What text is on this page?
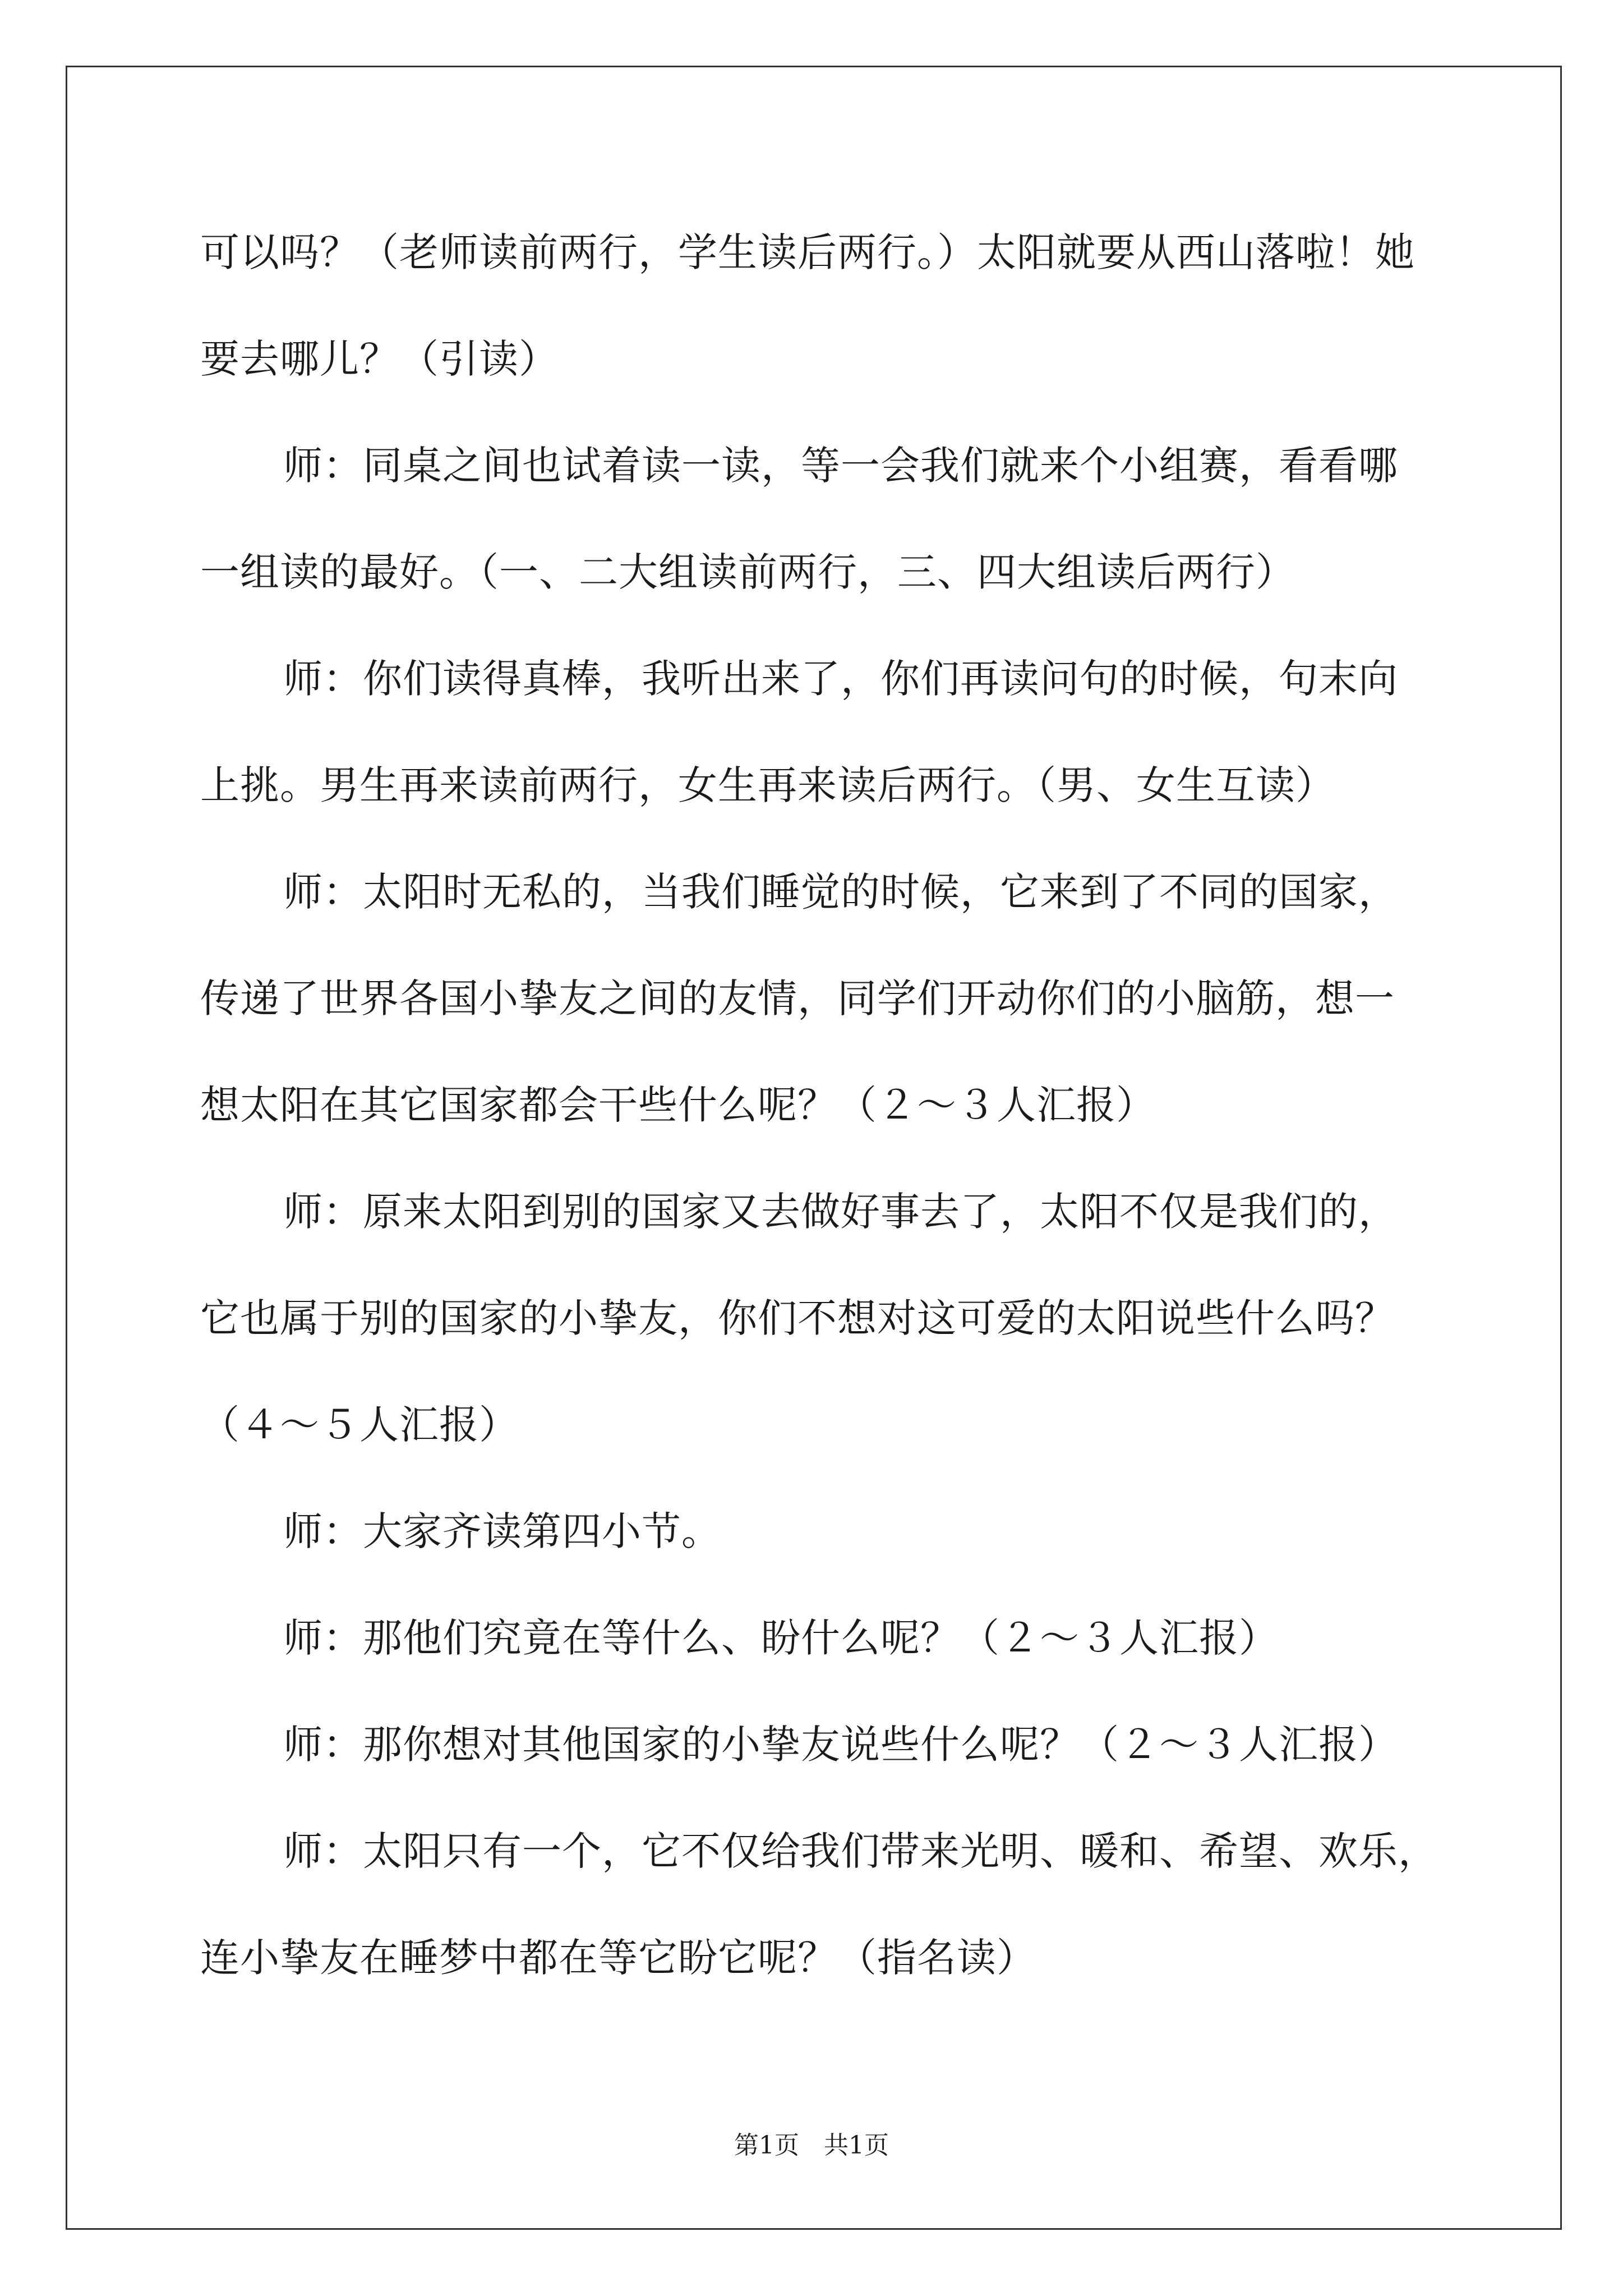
可以吗？（老师读前两行，学生读后两行。）太阳就要从西山落啦！她

要去哪儿？（引读）

师：同桌之间也试着读一读，等一会我们就来个小组赛，看看哪

一组读的最好。（一、二大组读前两行，三、四大组读后两行）

师：你们读得真棒，我听出来了，你们再读问句的时候，句末向

上挑。男生再来读前两行，女生再来读后两行。（男、女生互读）

师：太阳时无私的，当我们睡觉的时候，它来到了不同的国家，

传递了世界各国小挚友之间的友情，同学们开动你们的小脑筋，想一

想太阳在其它国家都会干些什么呢？（２～３人汇报）

师：原来太阳到别的国家又去做好事去了，太阳不仅是我们的，

它也属于别的国家的小挚友，你们不想对这可爱的太阳说些什么吗？

（４～５人汇报）

师：大家齐读第四小节。

师：那他们究竟在等什么、盼什么呢？（２～３人汇报）

师：那你想对其他国家的小挚友说些什么呢？（２～３人汇报）

师：太阳只有一个，它不仅给我们带来光明、暖和、希望、欢乐，

连小挚友在睡梦中都在等它盼它呢？（指名读）

第1页　共1页
